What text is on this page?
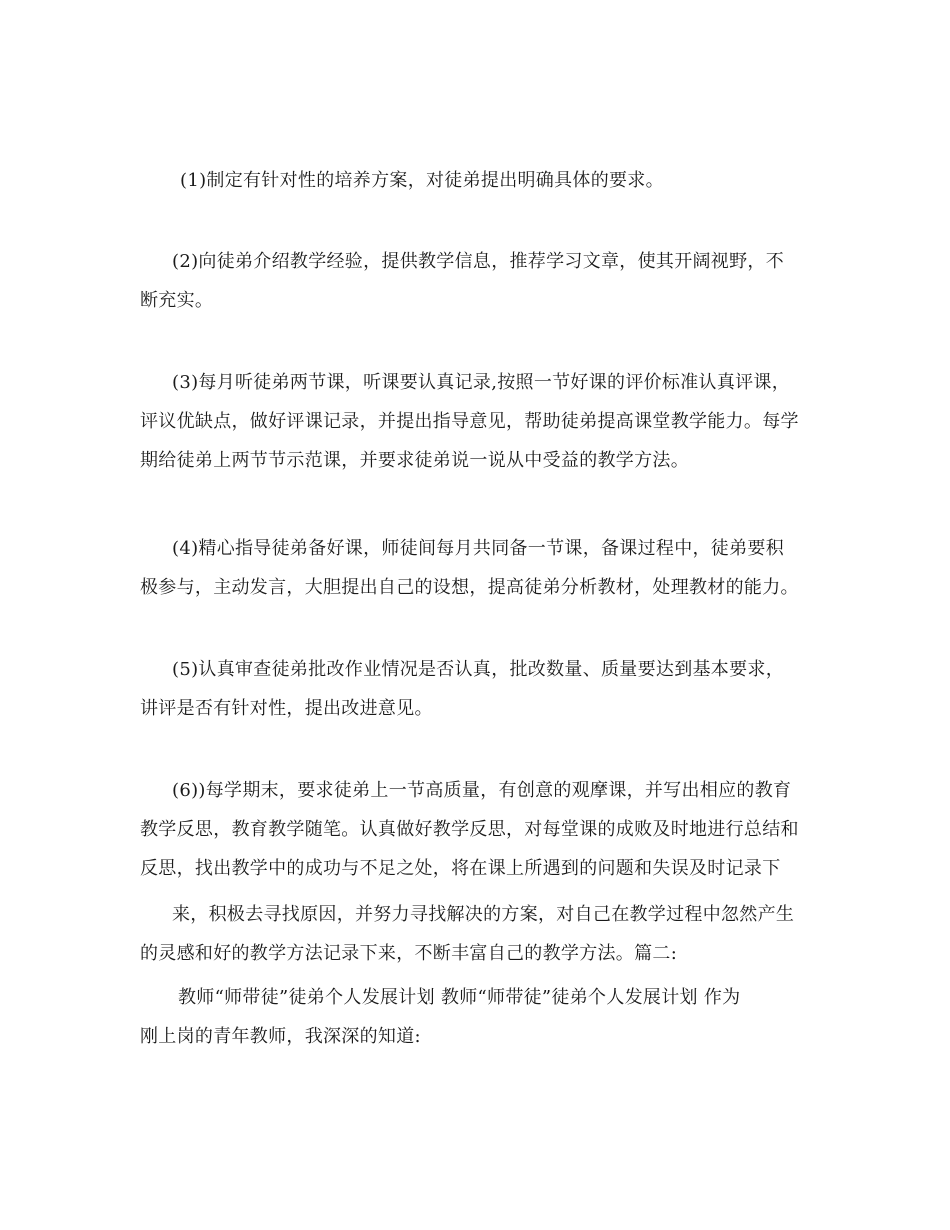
(1)制定有针对性的培养方案，对徒弟提出明确具体的要求。
(2)向徒弟介绍教学经验，提供教学信息，推荐学习文章，使其开阔视野，不
断充实。
(3)每月听徒弟两节课，听课要认真记录,按照一节好课的评价标准认真评课，
评议优缺点，做好评课记录，并提出指导意见，帮助徒弟提高课堂教学能力。每学
期给徒弟上两节节示范课，并要求徒弟说一说从中受益的教学方法。
(4)精心指导徒弟备好课，师徒间每月共同备一节课，备课过程中，徒弟要积
极参与，主动发言，大胆提出自己的设想，提高徒弟分析教材，处理教材的能力。
(5)认真审查徒弟批改作业情况是否认真，批改数量、质量要达到基本要求，
讲评是否有针对性，提出改进意见。
(6))每学期末，要求徒弟上一节高质量，有创意的观摩课，并写出相应的教育
教学反思，教育教学随笔。认真做好教学反思，对每堂课的成败及时地进行总结和
反思，找出教学中的成功与不足之处，将在课上所遇到的问题和失误及时记录下
来，积极去寻找原因，并努力寻找解决的方案，对自己在教学过程中忽然产生
的灵感和好的教学方法记录下来，不断丰富自己的教学方法。篇二:
教师“师带徒”徒弟个人发展计划 教师“师带徒”徒弟个人发展计划 作为
刚上岗的青年教师，我深深的知道:
